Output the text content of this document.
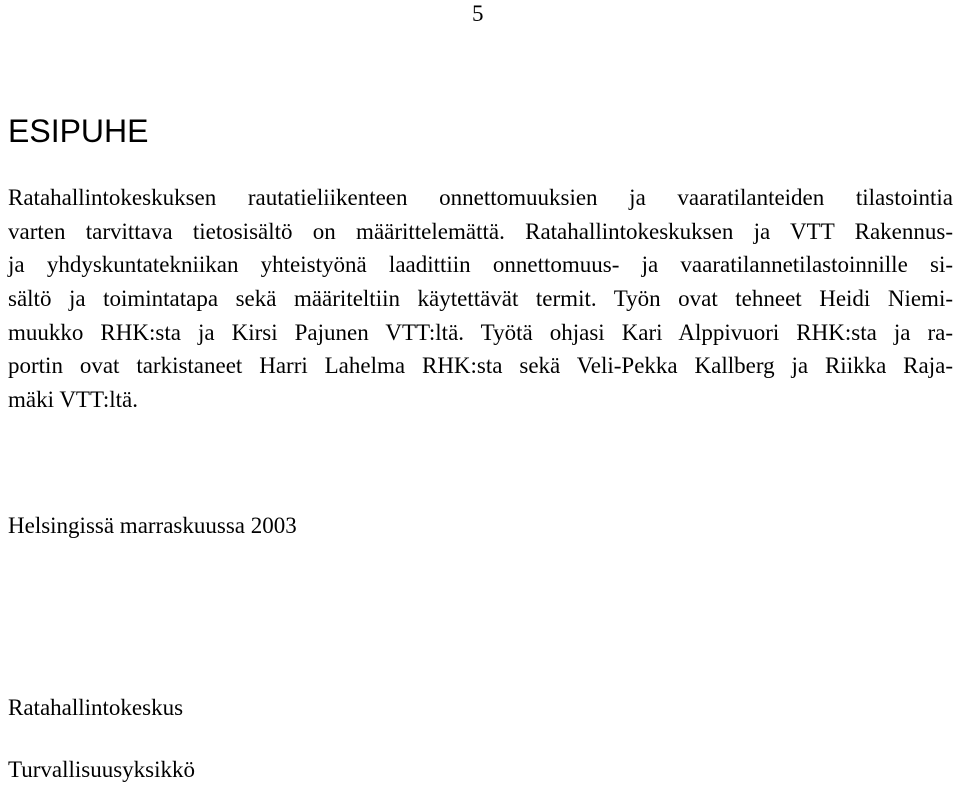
5
ESIPUHE
Ratahallintokeskuksen rautatieliikenteen onnettomuuksien ja vaaratilanteiden tilastointia
varten tarvittava tietosisältö on määrittelemättä. Ratahallintokeskuksen ja VTT Rakennus-
ja yhdyskuntatekniikan yhteistyönä laadittiin onnettomuus- ja vaaratilannetilastoinnille si-
sältö ja toimintatapa sekä määriteltiin käytettävät termit. Työn ovat tehneet Heidi Niemi-
muukko RHK:sta ja Kirsi Pajunen VTT:ltä. Työtä ohjasi Kari Alppivuori RHK:sta ja ra-
portin ovat tarkistaneet Harri Lahelma RHK:sta sekä Veli-Pekka Kallberg ja Riikka Raja-
mäki VTT:ltä.
Helsingissä marraskuussa 2003
Ratahallintokeskus
Turvallisuusyksikkö
